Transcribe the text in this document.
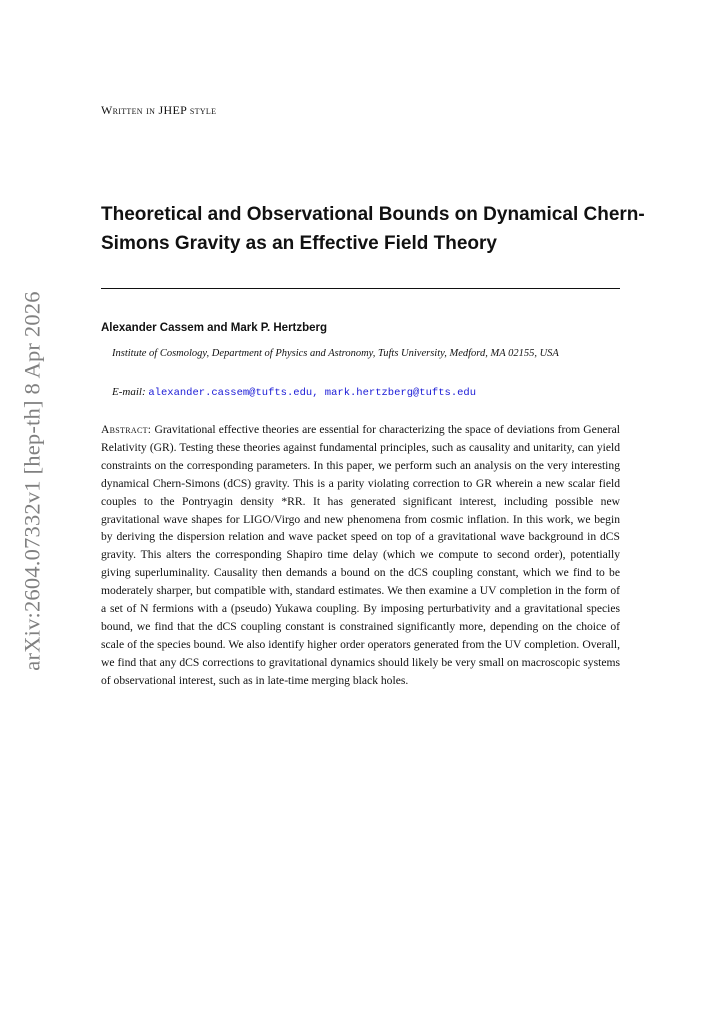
arXiv:2604.07332v1 [hep-th] 8 Apr 2026
Written in JHEP style
Theoretical and Observational Bounds on Dynamical Chern-Simons Gravity as an Effective Field Theory
Alexander Cassem and Mark P. Hertzberg
Institute of Cosmology, Department of Physics and Astronomy, Tufts University, Medford, MA 02155, USA
E-mail: alexander.cassem@tufts.edu, mark.hertzberg@tufts.edu

Abstract: Gravitational effective theories are essential for characterizing the space of deviations from General Relativity (GR). Testing these theories against fundamental principles, such as causality and unitarity, can yield constraints on the corresponding parameters. In this paper, we perform such an analysis on the very interesting dynamical Chern-Simons (dCS) gravity. This is a parity violating correction to GR wherein a new scalar field couples to the Pontryagin density *RR. It has generated significant interest, including possible new gravitational wave shapes for LIGO/Virgo and new phenomena from cosmic inflation. In this work, we begin by deriving the dispersion relation and wave packet speed on top of a gravitational wave background in dCS gravity. This alters the corresponding Shapiro time delay (which we compute to second order), potentially giving superluminality. Causality then demands a bound on the dCS coupling constant, which we find to be moderately sharper, but compatible with, standard estimates. We then examine a UV completion in the form of a set of N fermions with a (pseudo) Yukawa coupling. By imposing perturbativity and a gravitational species bound, we find that the dCS coupling constant is constrained significantly more, depending on the choice of scale of the species bound. We also identify higher order operators generated from the UV completion. Overall, we find that any dCS corrections to gravitational dynamics should likely be very small on macroscopic systems of observational interest, such as in late-time merging black holes.
